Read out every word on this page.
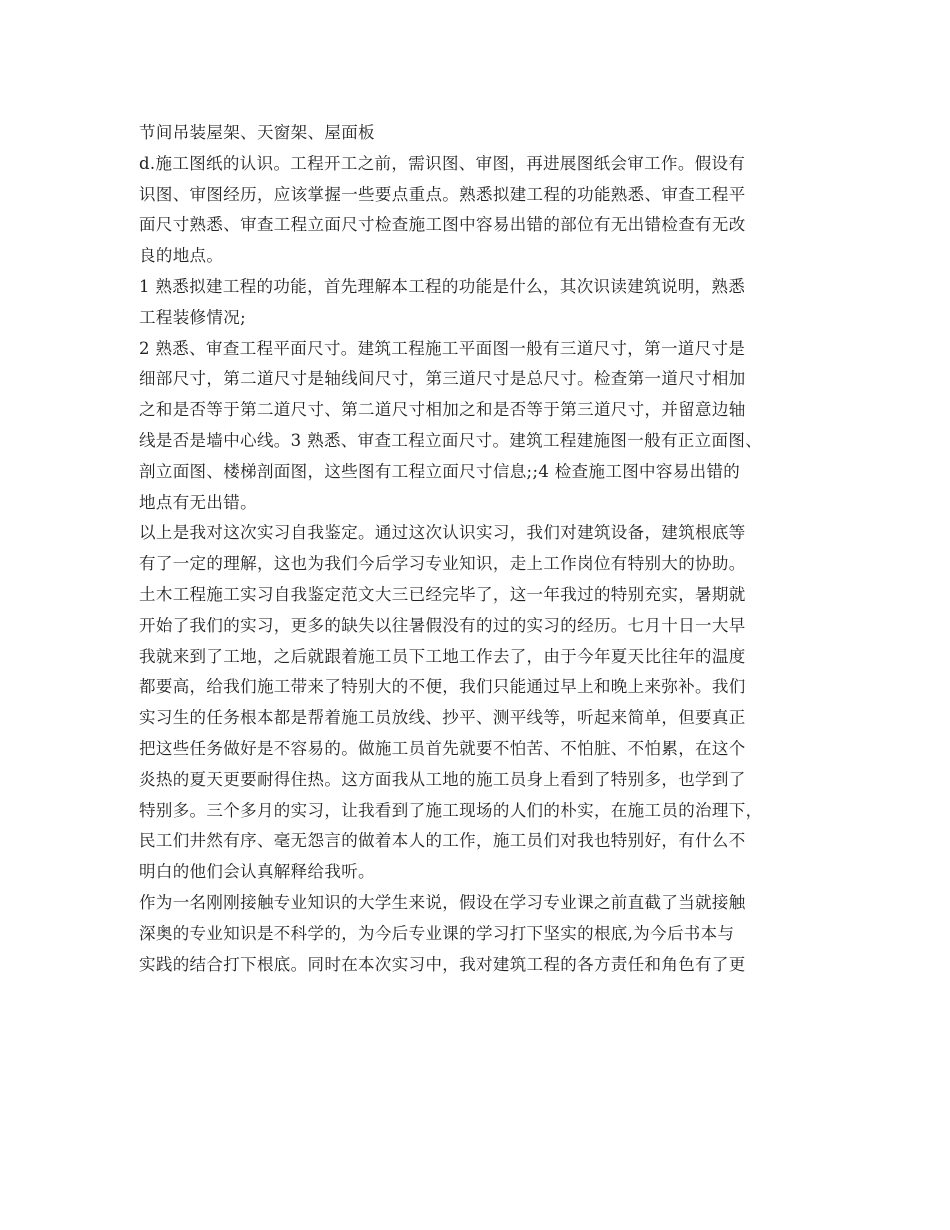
节间吊装屋架、天窗架、屋面板
d.施工图纸的认识。工程开工之前，需识图、审图，再进展图纸会审工作。假设有
识图、审图经历，应该掌握一些要点重点。熟悉拟建工程的功能熟悉、审查工程平
面尺寸熟悉、审查工程立面尺寸检查施工图中容易出错的部位有无出错检查有无改
良的地点。
1 熟悉拟建工程的功能，首先理解本工程的功能是什么，其次识读建筑说明，熟悉
工程装修情况;
2 熟悉、审查工程平面尺寸。建筑工程施工平面图一般有三道尺寸，第一道尺寸是
细部尺寸，第二道尺寸是轴线间尺寸，第三道尺寸是总尺寸。检查第一道尺寸相加
之和是否等于第二道尺寸、第二道尺寸相加之和是否等于第三道尺寸，并留意边轴
线是否是墙中心线。3 熟悉、审查工程立面尺寸。建筑工程建施图一般有正立面图、
剖立面图、楼梯剖面图，这些图有工程立面尺寸信息;;4 检查施工图中容易出错的
地点有无出错。
以上是我对这次实习自我鉴定。通过这次认识实习，我们对建筑设备，建筑根底等
有了一定的理解，这也为我们今后学习专业知识，走上工作岗位有特别大的协助。
土木工程施工实习自我鉴定范文大三已经完毕了，这一年我过的特别充实，暑期就
开始了我们的实习，更多的缺失以往暑假没有的过的实习的经历。七月十日一大早
我就来到了工地，之后就跟着施工员下工地工作去了，由于今年夏天比往年的温度
都要高，给我们施工带来了特别大的不便，我们只能通过早上和晚上来弥补。我们
实习生的任务根本都是帮着施工员放线、抄平、测平线等，听起来简单，但要真正
把这些任务做好是不容易的。做施工员首先就要不怕苦、不怕脏、不怕累，在这个
炎热的夏天更要耐得住热。这方面我从工地的施工员身上看到了特别多，也学到了
特别多。三个多月的实习，让我看到了施工现场的人们的朴实，在施工员的治理下，
民工们井然有序、毫无怨言的做着本人的工作，施工员们对我也特别好，有什么不
明白的他们会认真解释给我听。
作为一名刚刚接触专业知识的大学生来说，假设在学习专业课之前直截了当就接触
深奥的专业知识是不科学的，为今后专业课的学习打下坚实的根底,为今后书本与
实践的结合打下根底。同时在本次实习中，我对建筑工程的各方责任和角色有了更
